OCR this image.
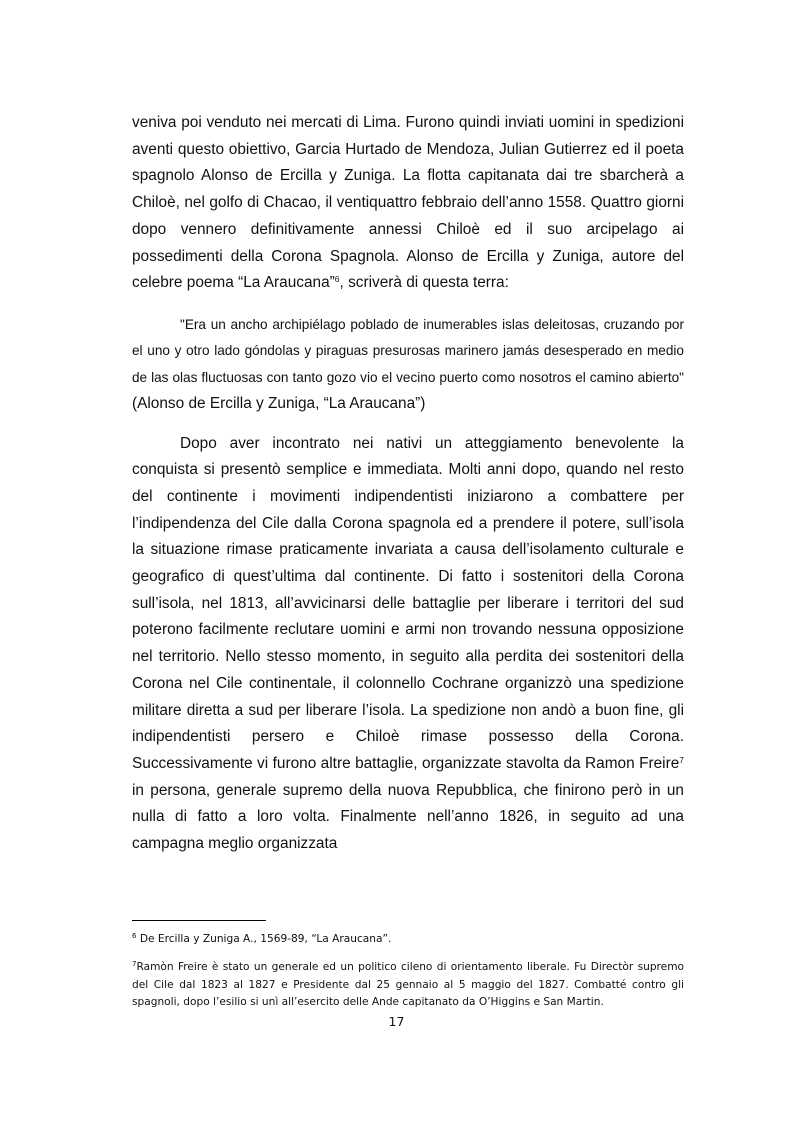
veniva poi venduto nei mercati di Lima. Furono quindi inviati uomini in spedizioni aventi questo obiettivo, Garcia Hurtado de Mendoza, Julian Gutierrez ed il poeta spagnolo Alonso de Ercilla y Zuniga. La flotta capitanata dai tre sbarcherà a Chiloè, nel golfo di Chacao, il ventiquattro febbraio dell’anno 1558. Quattro giorni dopo vennero definitivamente annessi Chiloè ed il suo arcipelago ai possedimenti della Corona Spagnola. Alonso de Ercilla y Zuniga, autore del celebre poema “La Araucana”$^6$, scriverà di questa terra:

"Era un ancho archipiélago poblado de inumerables islas deleitosas, cruzando por el uno y otro lado góndolas y piraguas presurosas marinero jamás desesperado en medio de las olas fluctuosas con tanto gozo vio el vecino puerto como nosotros el camino abierto" (Alonso de Ercilla y Zuniga, “La Araucana”)

Dopo aver incontrato nei nativi un atteggiamento benevolente la conquista si presentò semplice e immediata. Molti anni dopo, quando nel resto del continente i movimenti indipendentisti iniziarono a combattere per l’indipendenza del Cile dalla Corona spagnola ed a prendere il potere, sull’isola la situazione rimase praticamente invariata a causa dell’isolamento culturale e geografico di quest’ultima dal continente. Di fatto i sostenitori della Corona sull’isola, nel 1813, all’avvicinarsi delle battaglie per liberare i territori del sud poterono facilmente reclutare uomini e armi non trovando nessuna opposizione nel territorio. Nello stesso momento, in seguito alla perdita dei sostenitori della Corona nel Cile continentale, il colonnello Cochrane organizzò una spedizione militare diretta a sud per liberare l’isola. La spedizione non andò a buon fine, gli indipendentisti persero e Chiloè rimase possesso della Corona. Successivamente vi furono altre battaglie, organizzate stavolta da Ramon Freire$^7$ in persona, generale supremo della nuova Repubblica, che finirono però in un nulla di fatto a loro volta. Finalmente nell’anno 1826, in seguito ad una campagna meglio organizzata

$^6$ De Ercilla y Zuniga A., 1569-89, “La Araucana”.

$^7$Ramòn Freire è stato un generale ed un politico cileno di orientamento liberale. Fu Directòr supremo del Cile dal 1823 al 1827 e Presidente dal 25 gennaio al 5 maggio del 1827. Combatté contro gli spagnoli, dopo l’esilio si unì all’esercito delle Ande capitanato da O’Higgins e San Martin.

17
